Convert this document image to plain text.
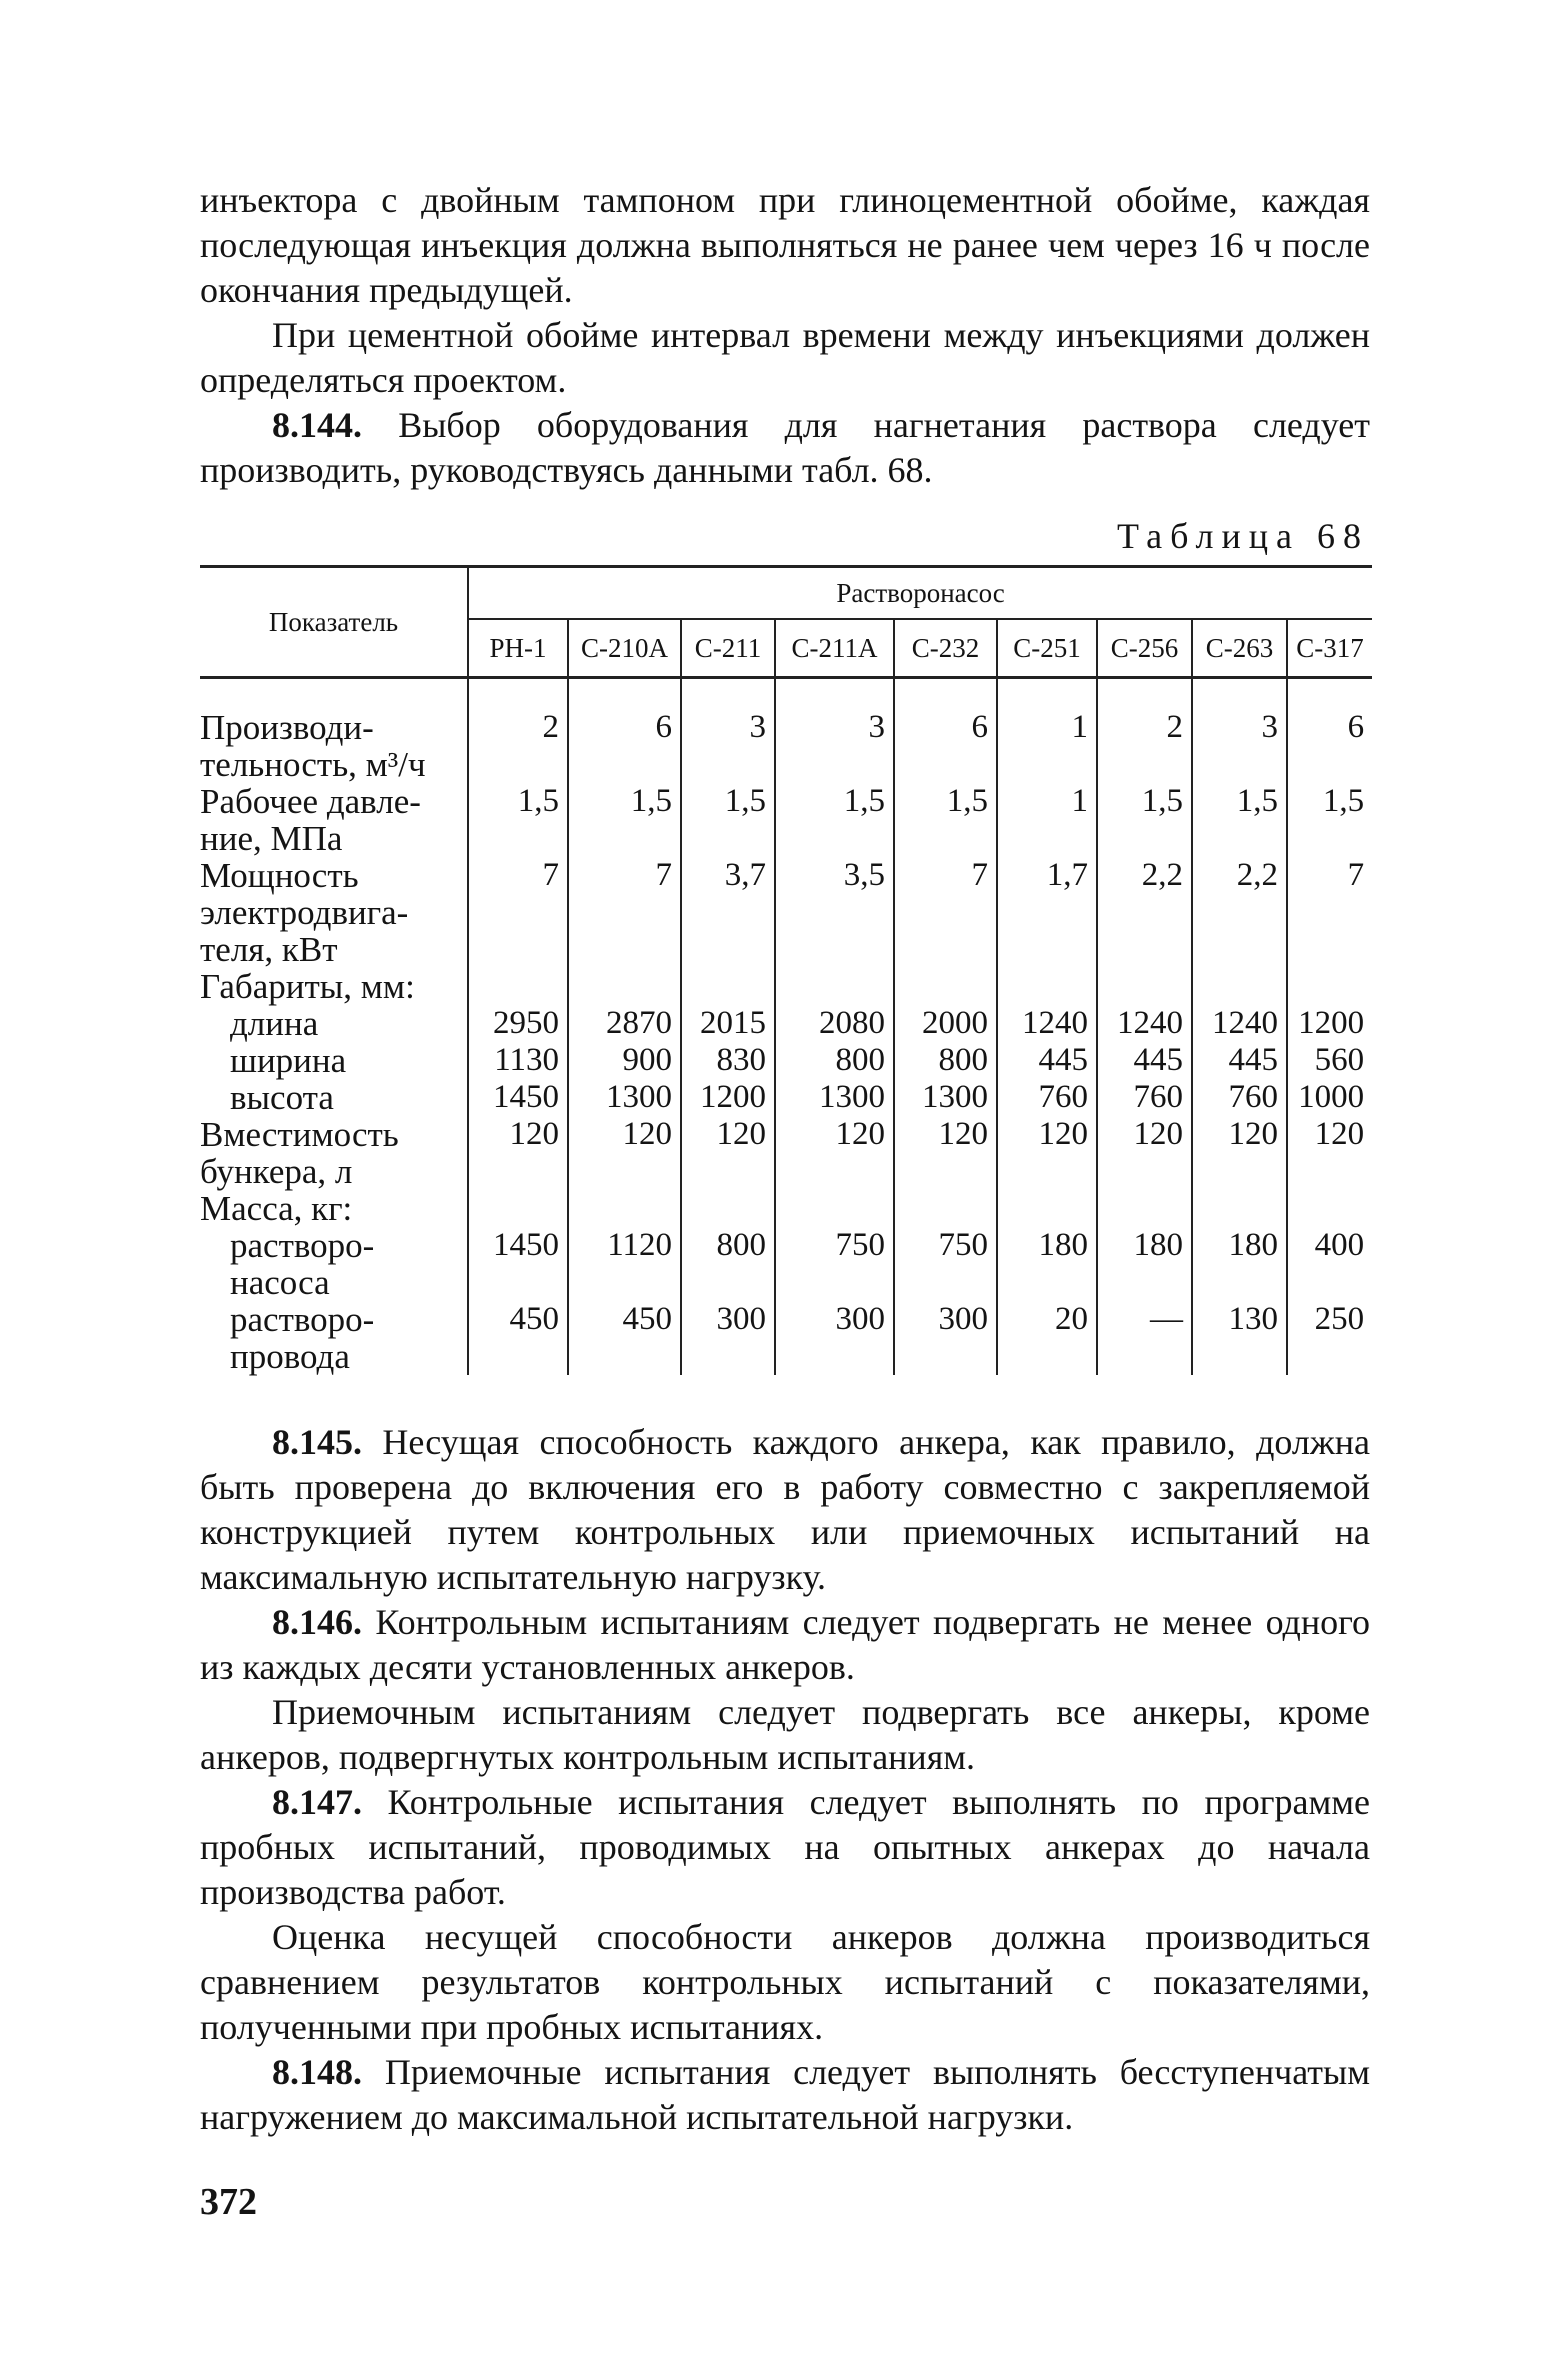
инъектора с двойным тампоном при глиноцементной обойме, каждая последующая инъекция должна выполняться не ранее чем через 16 ч после окончания предыдущей.

При цементной обойме интервал времени между инъекциями должен определяться проектом.

8.144. Выбор оборудования для нагнетания раствора следует производить, руководствуясь данными табл. 68.

Таблица 68
Показатель	Растворонасос								
	РН-1	С-210А	С-211	С-211А	С-232	С-251	С-256	С-263	С-317

Производи-
тельность, м³/ч	2	6	3	3	6	1	2	3	6

Рабочее давле-
ние, МПа	1,5	1,5	1,5	1,5	1,5	1	1,5	1,5	1,5

Мощность
электродвига-
теля, кВт	7	7	3,7	3,5	7	1,7	2,2	2,2	7

Габариты, мм:									

длина	2950	2870	2015	2080	2000	1240	1240	1240	1200

ширина	1130	900	830	800	800	445	445	445	560

высота	1450	1300	1200	1300	1300	760	760	760	1000

Вместимость
бункера, л	120	120	120	120	120	120	120	120	120

Масса, кг:									

растворо-
насоса	1450	1120	800	750	750	180	180	180	400

растворо-
провода	450	450	300	300	300	20	—	130	250

8.145. Несущая способность каждого анкера, как правило, должна быть проверена до включения его в работу совместно с закрепляемой конструкцией путем контрольных или приемочных испытаний на максимальную испытательную нагрузку.

8.146. Контрольным испытаниям следует подвергать не менее одного из каждых десяти установленных анкеров.

Приемочным испытаниям следует подвергать все анкеры, кроме анкеров, подвергнутых контрольным испытаниям.

8.147. Контрольные испытания следует выполнять по программе пробных испытаний, проводимых на опытных анкерах до начала производства работ.

Оценка несущей способности анкеров должна производиться сравнением результатов контрольных испытаний с показателями, полученными при пробных испытаниях.

8.148. Приемочные испытания следует выполнять бесступенчатым нагружением до максимальной испытательной нагрузки.

372
